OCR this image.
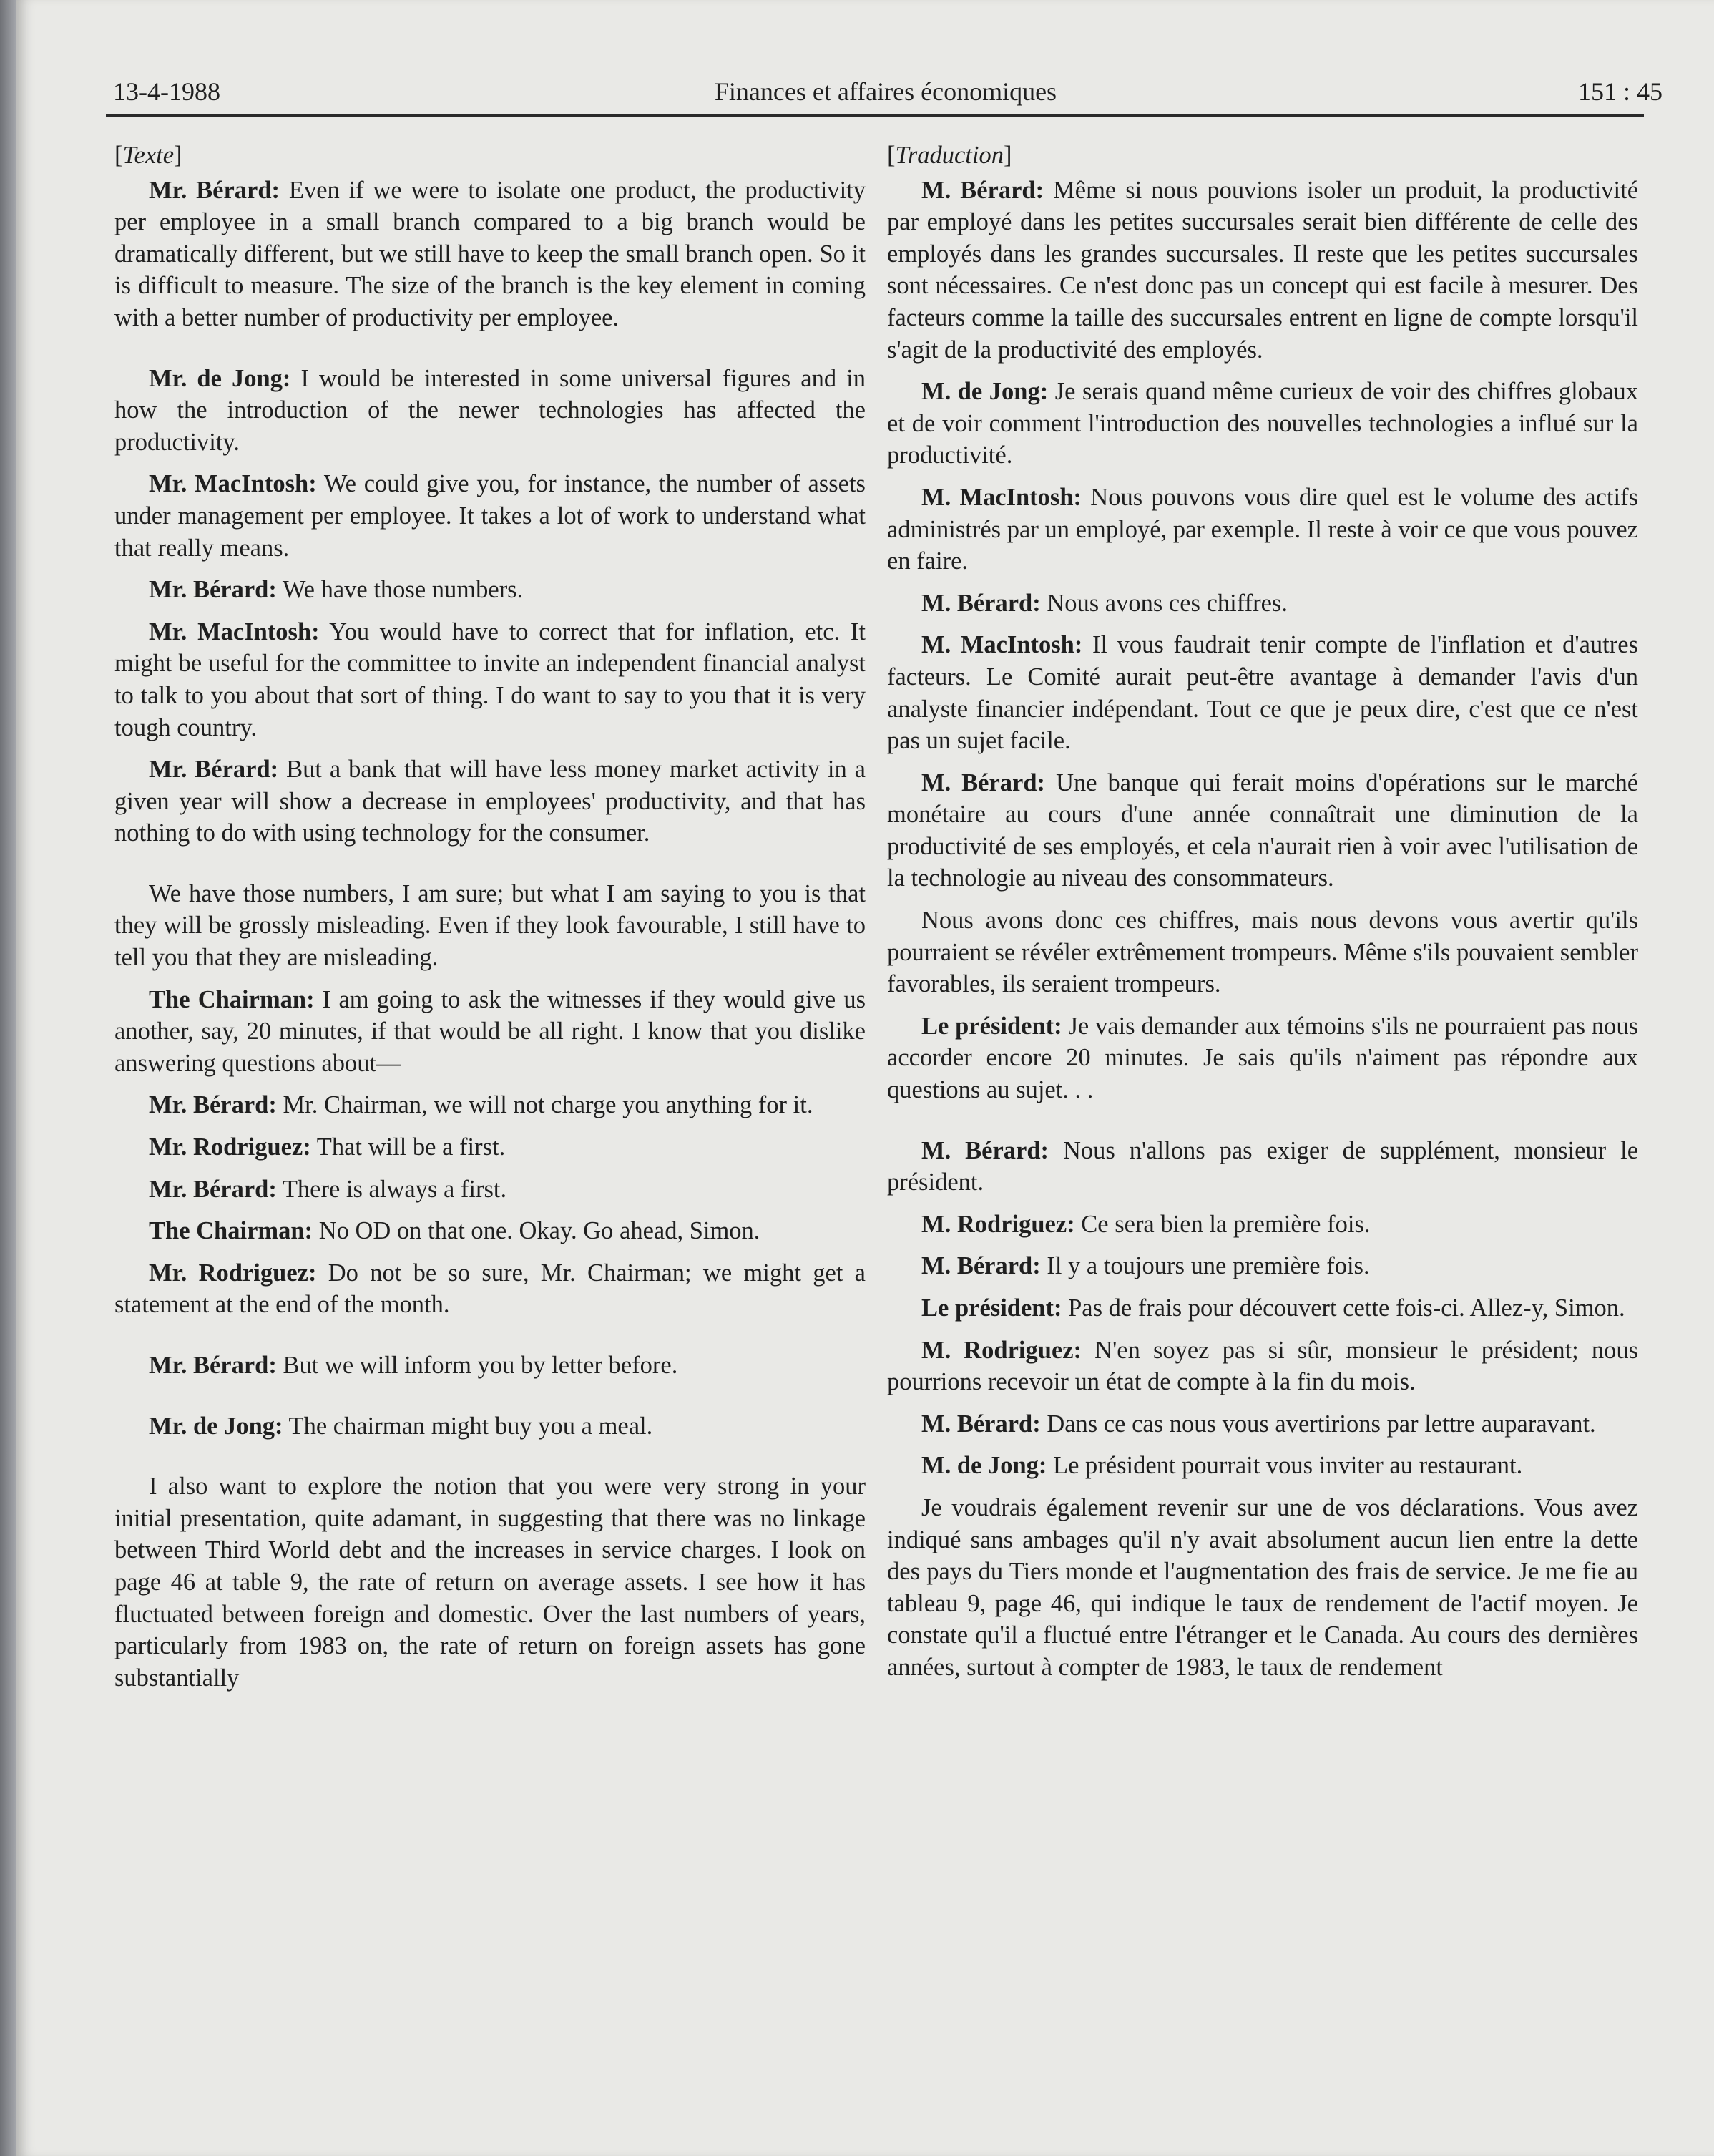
13-4-1988	Finances et affaires économiques	151 : 45
[Texte]

Mr. Bérard: Even if we were to isolate one product, the productivity per employee in a small branch compared to a big branch would be dramatically different, but we still have to keep the small branch open. So it is difficult to measure. The size of the branch is the key element in coming with a better number of productivity per employee.

Mr. de Jong: I would be interested in some universal figures and in how the introduction of the newer technologies has affected the productivity.

Mr. MacIntosh: We could give you, for instance, the number of assets under management per employee. It takes a lot of work to understand what that really means.

Mr. Bérard: We have those numbers.

Mr. MacIntosh: You would have to correct that for inflation, etc. It might be useful for the committee to invite an independent financial analyst to talk to you about that sort of thing. I do want to say to you that it is very tough country.

Mr. Bérard: But a bank that will have less money market activity in a given year will show a decrease in employees' productivity, and that has nothing to do with using technology for the consumer.

We have those numbers, I am sure; but what I am saying to you is that they will be grossly misleading. Even if they look favourable, I still have to tell you that they are misleading.

The Chairman: I am going to ask the witnesses if they would give us another, say, 20 minutes, if that would be all right. I know that you dislike answering questions about—

Mr. Bérard: Mr. Chairman, we will not charge you anything for it.

Mr. Rodriguez: That will be a first.

Mr. Bérard: There is always a first.

The Chairman: No OD on that one. Okay. Go ahead, Simon.

Mr. Rodriguez: Do not be so sure, Mr. Chairman; we might get a statement at the end of the month.

Mr. Bérard: But we will inform you by letter before.

Mr. de Jong: The chairman might buy you a meal.

I also want to explore the notion that you were very strong in your initial presentation, quite adamant, in suggesting that there was no linkage between Third World debt and the increases in service charges. I look on page 46 at table 9, the rate of return on average assets. I see how it has fluctuated between foreign and domestic. Over the last numbers of years, particularly from 1983 on, the rate of return on foreign assets has gone substantially

[Traduction]

M. Bérard: Même si nous pouvions isoler un produit, la productivité par employé dans les petites succursales serait bien différente de celle des employés dans les grandes succursales. Il reste que les petites succursales sont nécessaires. Ce n'est donc pas un concept qui est facile à mesurer. Des facteurs comme la taille des succursales entrent en ligne de compte lorsqu'il s'agit de la productivité des employés.

M. de Jong: Je serais quand même curieux de voir des chiffres globaux et de voir comment l'introduction des nouvelles technologies a influé sur la productivité.

M. MacIntosh: Nous pouvons vous dire quel est le volume des actifs administrés par un employé, par exemple. Il reste à voir ce que vous pouvez en faire.

M. Bérard: Nous avons ces chiffres.

M. MacIntosh: Il vous faudrait tenir compte de l'inflation et d'autres facteurs. Le Comité aurait peut-être avantage à demander l'avis d'un analyste financier indépendant. Tout ce que je peux dire, c'est que ce n'est pas un sujet facile.

M. Bérard: Une banque qui ferait moins d'opérations sur le marché monétaire au cours d'une année connaîtrait une diminution de la productivité de ses employés, et cela n'aurait rien à voir avec l'utilisation de la technologie au niveau des consommateurs.

Nous avons donc ces chiffres, mais nous devons vous avertir qu'ils pourraient se révéler extrêmement trompeurs. Même s'ils pouvaient sembler favorables, ils seraient trompeurs.

Le président: Je vais demander aux témoins s'ils ne pourraient pas nous accorder encore 20 minutes. Je sais qu'ils n'aiment pas répondre aux questions au sujet. . .

M. Bérard: Nous n'allons pas exiger de supplément, monsieur le président.

M. Rodriguez: Ce sera bien la première fois.

M. Bérard: Il y a toujours une première fois.

Le président: Pas de frais pour découvert cette fois-ci. Allez-y, Simon.

M. Rodriguez: N'en soyez pas si sûr, monsieur le président; nous pourrions recevoir un état de compte à la fin du mois.

M. Bérard: Dans ce cas nous vous avertirions par lettre auparavant.

M. de Jong: Le président pourrait vous inviter au restaurant.

Je voudrais également revenir sur une de vos déclarations. Vous avez indiqué sans ambages qu'il n'y avait absolument aucun lien entre la dette des pays du Tiers monde et l'augmentation des frais de service. Je me fie au tableau 9, page 46, qui indique le taux de rendement de l'actif moyen. Je constate qu'il a fluctué entre l'étranger et le Canada. Au cours des dernières années, surtout à compter de 1983, le taux de rendement
